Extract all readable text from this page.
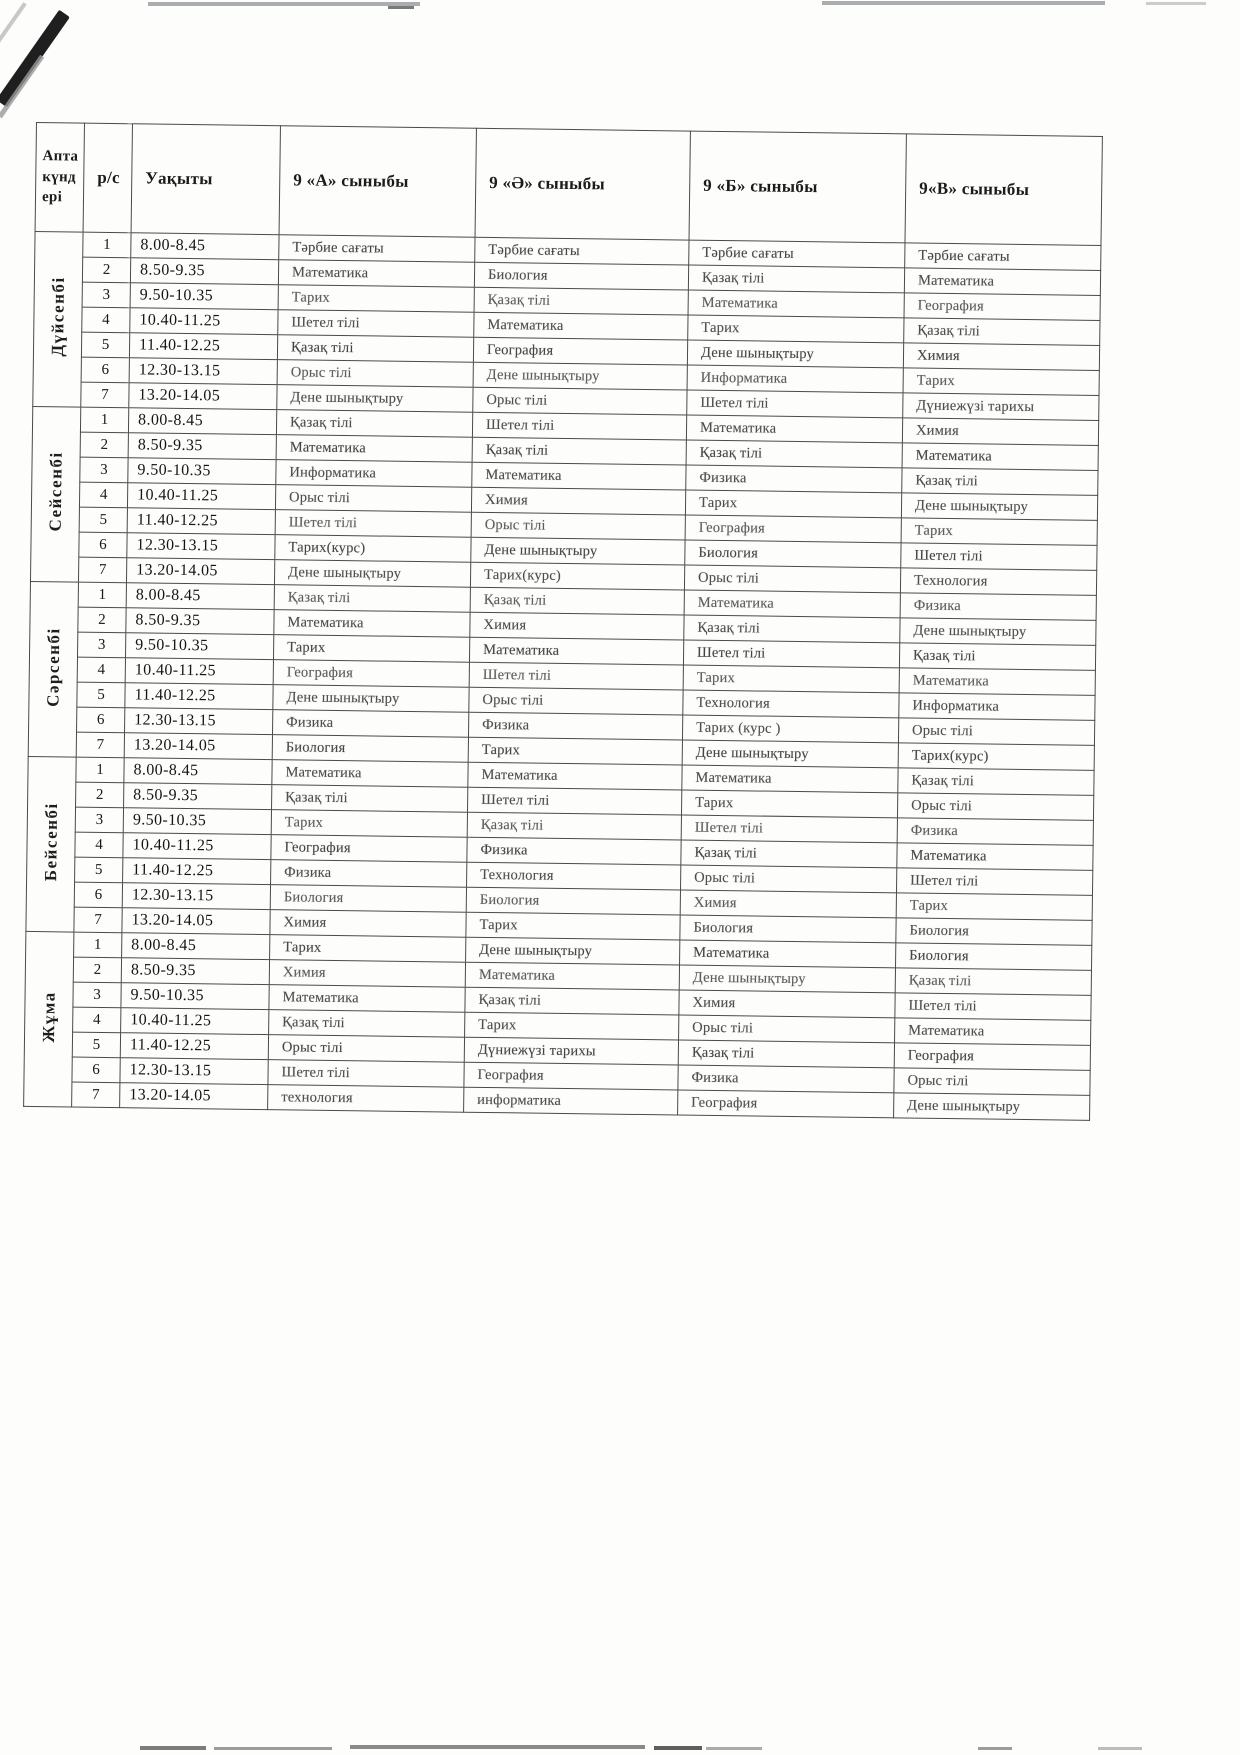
Апта күндері	р/с	Уақыты	9 «А» сыныбы	9 «Ә» сыныбы	9 «Б» сыныбы	9«В» сыныбы
Дүйсенбі	1	8.00-8.45	Тәрбие сағаты	Тәрбие сағаты	Тәрбие сағаты	Тәрбие сағаты
	2	8.50-9.35	Математика	Биология	Қазақ тілі	Математика
	3	9.50-10.35	Тарих	Қазақ тілі	Математика	География
	4	10.40-11.25	Шетел тілі	Математика	Тарих	Қазақ тілі
	5	11.40-12.25	Қазақ тілі	География	Дене шынықтыру	Химия
	6	12.30-13.15	Орыс тілі	Дене шынықтыру	Информатика	Тарих
	7	13.20-14.05	Дене шынықтыру	Орыс тілі	Шетел тілі	Дүниежүзі тарихы
Сейсенбі	1	8.00-8.45	Қазақ тілі	Шетел тілі	Математика	Химия
	2	8.50-9.35	Математика	Қазақ тілі	Қазақ тілі	Математика
	3	9.50-10.35	Информатика	Математика	Физика	Қазақ тілі
	4	10.40-11.25	Орыс тілі	Химия	Тарих	Дене шынықтыру
	5	11.40-12.25	Шетел тілі	Орыс тілі	География	Тарих
	6	12.30-13.15	Тарих(курс)	Дене шынықтыру	Биология	Шетел тілі
	7	13.20-14.05	Дене шынықтыру	Тарих(курс)	Орыс тілі	Технология
Сәрсенбі	1	8.00-8.45	Қазақ тілі	Қазақ тілі	Математика	Физика
	2	8.50-9.35	Математика	Химия	Қазақ тілі	Дене шынықтыру
	3	9.50-10.35	Тарих	Математика	Шетел тілі	Қазақ тілі
	4	10.40-11.25	География	Шетел тілі	Тарих	Математика
	5	11.40-12.25	Дене шынықтыру	Орыс тілі	Технология	Информатика
	6	12.30-13.15	Физика	Физика	Тарих (курс )	Орыс тілі
	7	13.20-14.05	Биология	Тарих	Дене шынықтыру	Тарих(курс)
Бейсенбі	1	8.00-8.45	Математика	Математика	Математика	Қазақ тілі
	2	8.50-9.35	Қазақ тілі	Шетел тілі	Тарих	Орыс тілі
	3	9.50-10.35	Тарих	Қазақ тілі	Шетел тілі	Физика
	4	10.40-11.25	География	Физика	Қазақ тілі	Математика
	5	11.40-12.25	Физика	Технология	Орыс тілі	Шетел тілі
	6	12.30-13.15	Биология	Биология	Химия	Тарих
	7	13.20-14.05	Химия	Тарих	Биология	Биология
Жұма	1	8.00-8.45	Тарих	Дене шынықтыру	Математика	Биология
	2	8.50-9.35	Химия	Математика	Дене шынықтыру	Қазақ тілі
	3	9.50-10.35	Математика	Қазақ тілі	Химия	Шетел тілі
	4	10.40-11.25	Қазақ тілі	Тарих	Орыс тілі	Математика
	5	11.40-12.25	Орыс тілі	Дүниежүзі тарихы	Қазақ тілі	География
	6	12.30-13.15	Шетел тілі	География	Физика	Орыс тілі
	7	13.20-14.05	технология	информатика	География	Дене шынықтыру
